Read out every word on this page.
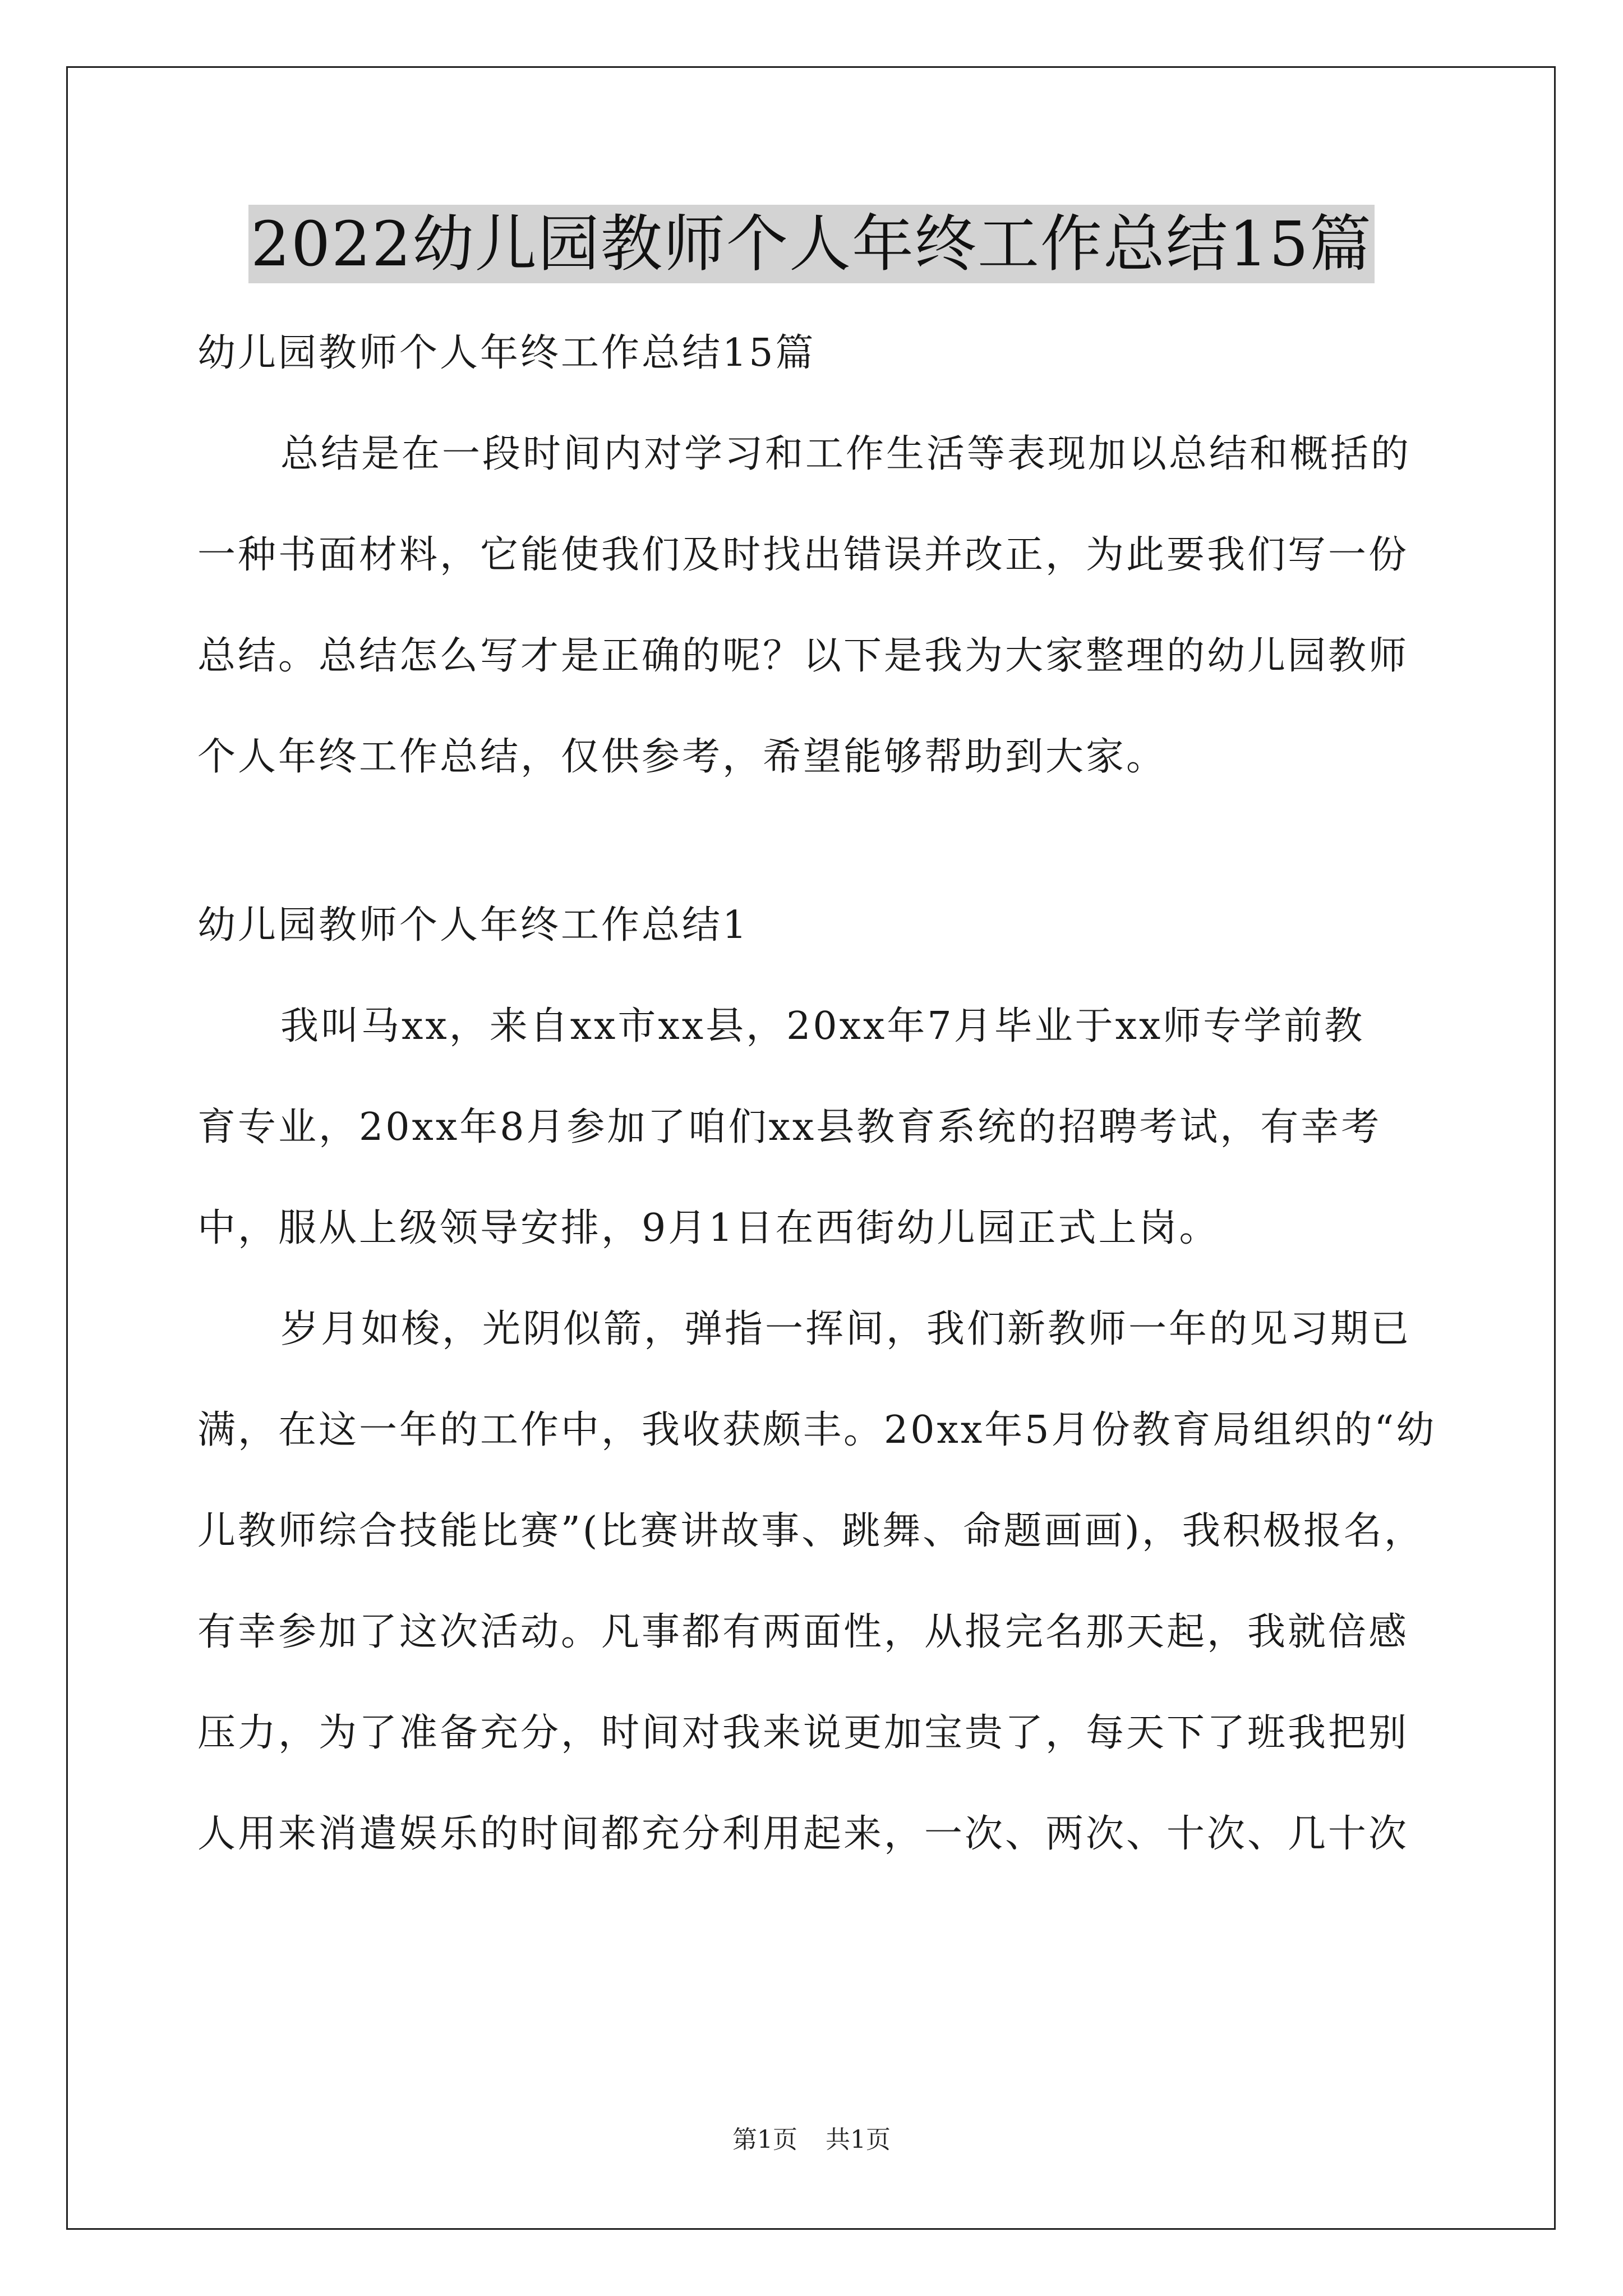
2022幼儿园教师个人年终工作总结15篇
幼儿园教师个人年终工作总结15篇
总结是在一段时间内对学习和工作生活等表现加以总结和概括的
一种书面材料，它能使我们及时找出错误并改正，为此要我们写一份
总结。总结怎么写才是正确的呢？以下是我为大家整理的幼儿园教师
个人年终工作总结，仅供参考，希望能够帮助到大家。
幼儿园教师个人年终工作总结1
我叫马xx，来自xx市xx县，20xx年7月毕业于xx师专学前教
育专业，20xx年8月参加了咱们xx县教育系统的招聘考试，有幸考
中，服从上级领导安排，9月1日在西街幼儿园正式上岗。
岁月如梭，光阴似箭，弹指一挥间，我们新教师一年的见习期已
满，在这一年的工作中，我收获颇丰。20xx年5月份教育局组织的“幼
儿教师综合技能比赛”(比赛讲故事、跳舞、命题画画)，我积极报名，
有幸参加了这次活动。凡事都有两面性，从报完名那天起，我就倍感
压力，为了准备充分，时间对我来说更加宝贵了，每天下了班我把别
人用来消遣娱乐的时间都充分利用起来，一次、两次、十次、几十次
第1页 共1页
